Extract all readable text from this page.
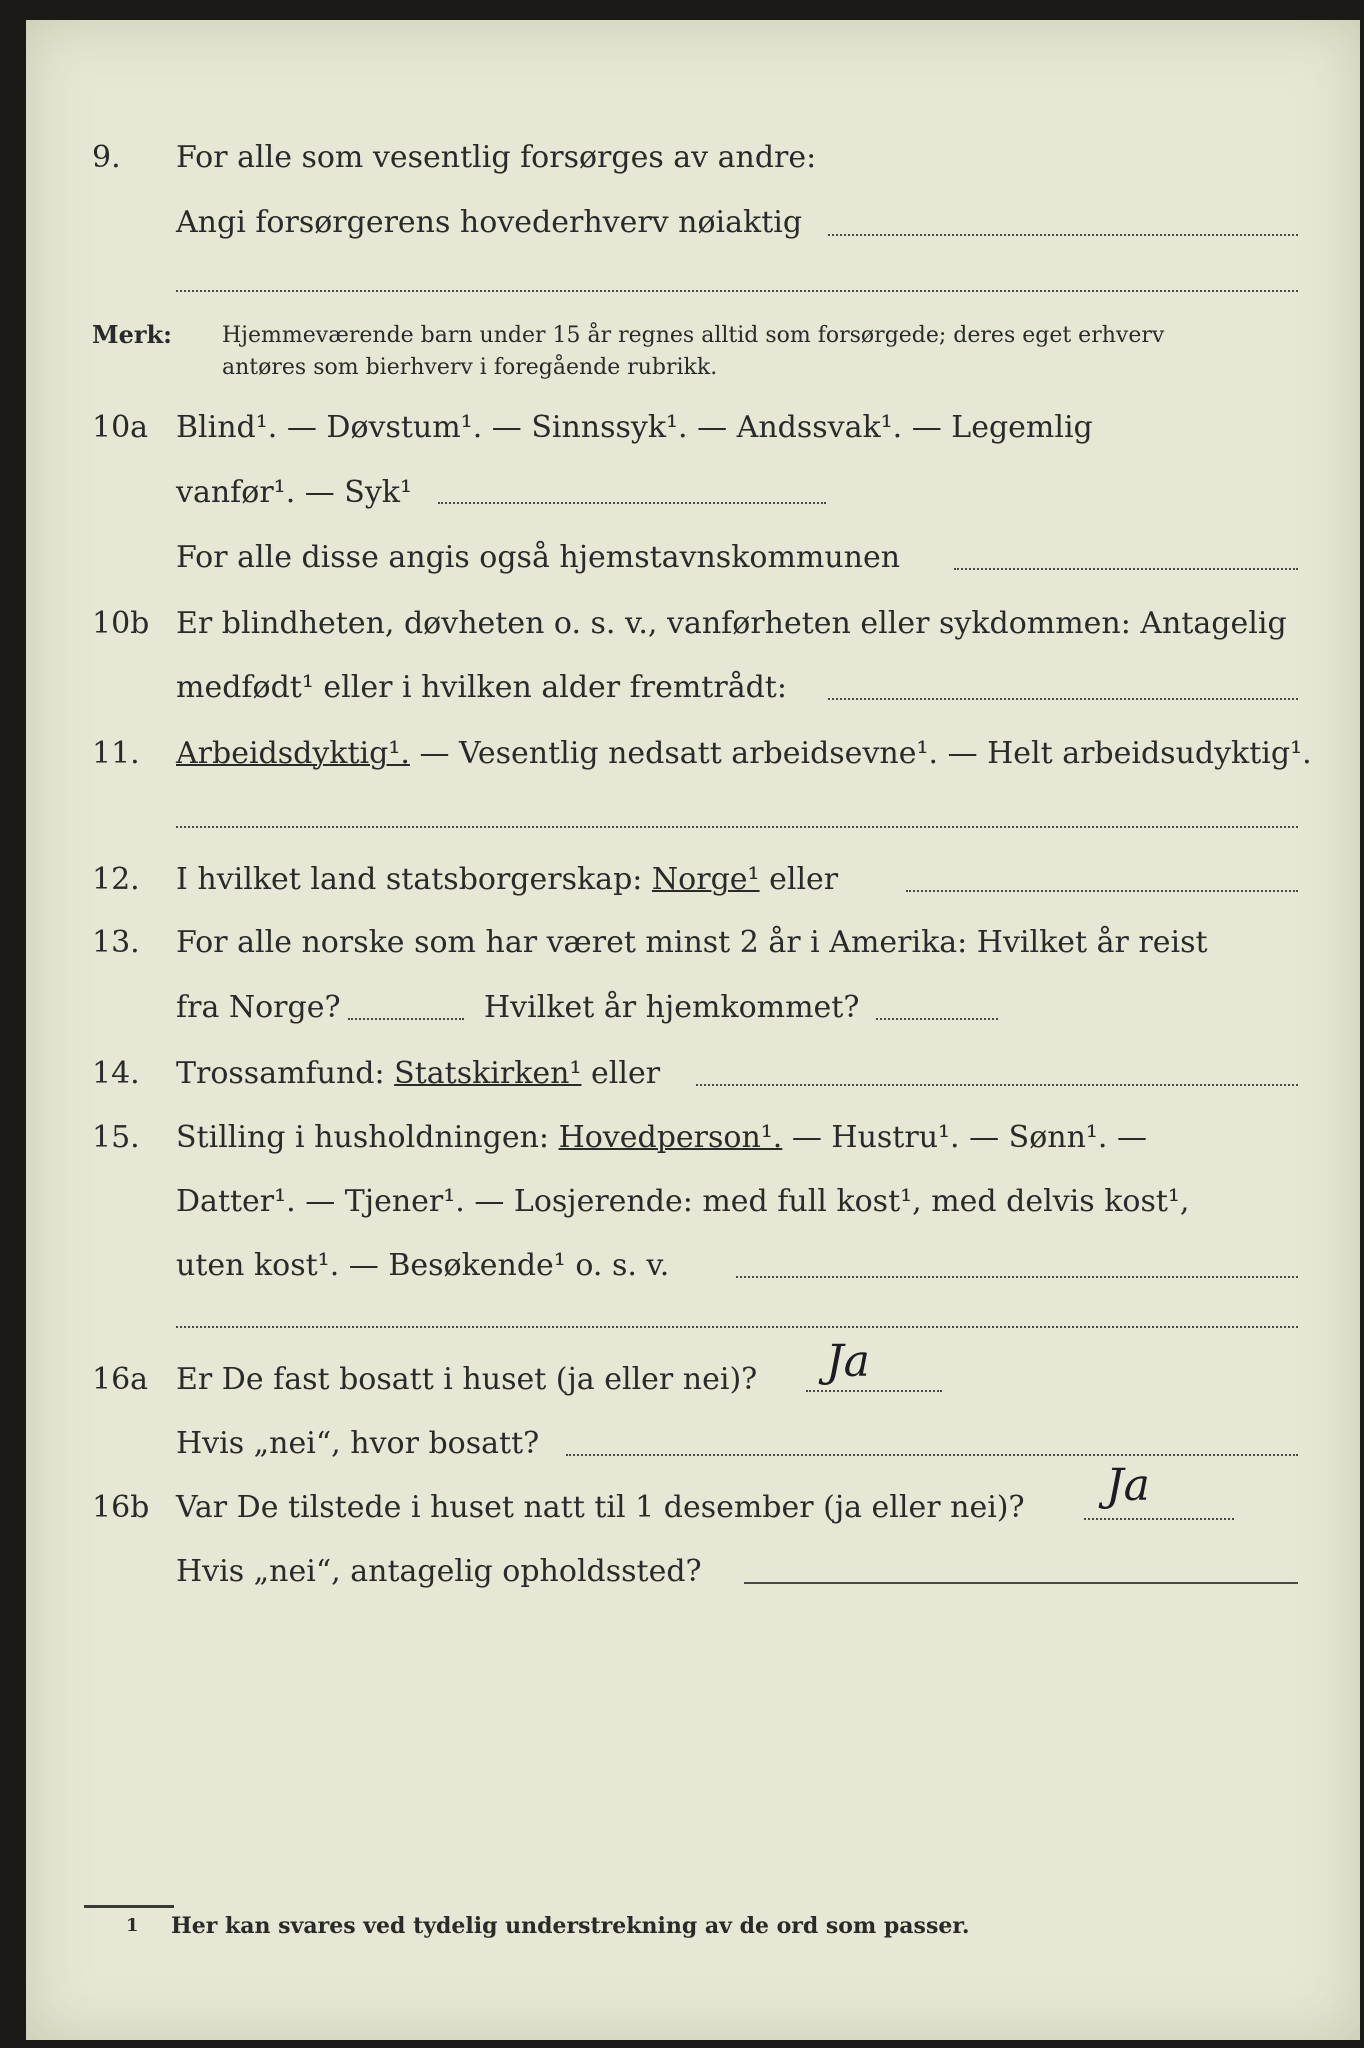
9. For alle som vesentlig forsørges av andre:
Angi forsørgerens hovederhverv nøiaktig
Merk: Hjemmeværende barn under 15 år regnes alltid som forsørgede; deres eget erhverv
antøres som bierhverv i foregående rubrikk.
10a Blind¹. — Døvstum¹. — Sinnssyk¹. — Andssvak¹. — Legemlig
vanfør¹. — Syk¹
For alle disse angis også hjemstavnskommunen
10b Er blindheten, døvheten o. s. v., vanførheten eller sykdommen: Antagelig
medfødt¹ eller i hvilken alder fremtrådt:
11. Arbeidsdyktig¹. — Vesentlig nedsatt arbeidsevne¹. — Helt arbeidsudyktig¹.
12. I hvilket land statsborgerskap: Norge¹ eller
13. For alle norske som har været minst 2 år i Amerika: Hvilket år reist
fra Norge?	Hvilket år hjemkommet?
14. Trossamfund: Statskirken¹ eller
15. Stilling i husholdningen: Hovedperson¹. — Hustru¹. — Sønn¹. —
Datter¹. — Tjener¹. — Losjerende: med full kost¹, med delvis kost¹,
uten kost¹. — Besøkende¹ o. s. v.
16a Er De fast bosatt i huset (ja eller nei)? Ja
Hvis „nei“, hvor bosatt?
16b Var De tilstede i huset natt til 1 desember (ja eller nei)? Ja
Hvis „nei“, antagelig opholdssted?
1 Her kan svares ved tydelig understrekning av de ord som passer.
